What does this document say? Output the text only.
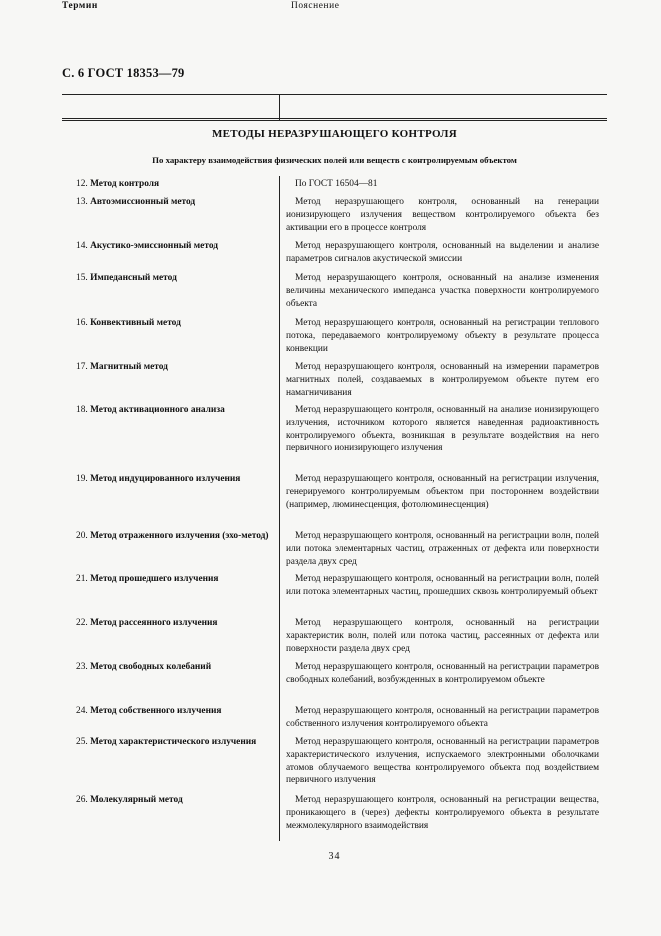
С. 6 ГОСТ 18353—79
Термин	Пояснение
МЕТОДЫ НЕРАЗРУШАЮЩЕГО КОНТРОЛЯ
По характеру взаимодействия физических полей или веществ с контролируемым объектом
12. Метод контроля	По ГОСТ 16504—81
13. Автоэмиссионный метод	Метод неразрушающего контроля, основанный на генерации ионизирующего излучения веществом контролируемого объекта без активации его в процессе контроля
14. Акустико-эмиссионный метод	Метод неразрушающего контроля, основанный на выделении и анализе параметров сигналов акустической эмиссии
15. Импедансный метод	Метод неразрушающего контроля, основанный на анализе изменения величины механического импеданса участка поверхности контролируемого объекта
16. Конвективный метод	Метод неразрушающего контроля, основанный на регистрации теплового потока, передаваемого контролируемому объекту в результате процесса конвекции
17. Магнитный метод	Метод неразрушающего контроля, основанный на измерении параметров магнитных полей, создаваемых в контролируемом объекте путем его намагничивания
18. Метод активационного анализа	Метод неразрушающего контроля, основанный на анализе ионизирующего излучения, источником которого является наведенная радиоактивность контролируемого объекта, возникшая в результате воздействия на него первичного ионизирующего излучения
19. Метод индуцированного излучения	Метод неразрушающего контроля, основанный на регистрации излучения, генерируемого контролируемым объектом при постороннем воздействии (например, люминесценция, фотолюминесценция)
20. Метод отраженного излучения (эхо-метод)	Метод неразрушающего контроля, основанный на регистрации волн, полей или потока элементарных частиц, отраженных от дефекта или поверхности раздела двух сред
21. Метод прошедшего излучения	Метод неразрушающего контроля, основанный на регистрации волн, полей или потока элементарных частиц, прошедших сквозь контролируемый объект
22. Метод рассеянного излучения	Метод неразрушающего контроля, основанный на регистрации характеристик волн, полей или потока частиц, рассеянных от дефекта или поверхности раздела двух сред
23. Метод свободных колебаний	Метод неразрушающего контроля, основанный на регистрации параметров свободных колебаний, возбужденных в контролируемом объекте
24. Метод собственного излучения	Метод неразрушающего контроля, основанный на регистрации параметров собственного излучения контролируемого объекта
25. Метод характеристического излучения	Метод неразрушающего контроля, основанный на регистрации параметров характеристического излучения, испускаемого электронными оболочками атомов облучаемого вещества контролируемого объекта под воздействием первичного излучения
26. Молекулярный метод	Метод неразрушающего контроля, основанный на регистрации вещества, проникающего в (через) дефекты контролируемого объекта в результате межмолекулярного взаимодействия
34
